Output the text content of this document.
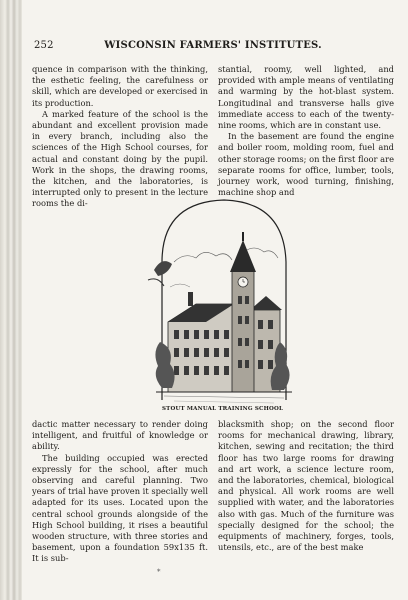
252	WISCONSIN FARMERS' INSTITUTES.

quence in comparison with the thinking, the esthetic feeling, the carefulness or skill, which are developed or exercised in its production.

A marked feature of the school is the abundant and excellent provision made in every branch, including also the sciences of the High School courses, for actual and constant doing by the pupil. Work in the shops, the drawing rooms, the kitchen, and the laboratories, is interrupted only to present in the lecture rooms the di-

stantial, roomy, well lighted, and provided with ample means of ventilating and warming by the hot-blast system. Longitudinal and transverse halls give immediate access to each of the twenty-nine rooms, which are in constant use.

In the basement are found the engine and boiler room, molding room, fuel and other storage rooms; on the first floor are separate rooms for office, lumber, tools, journey work, wood turning, finishing, machine shop and

STOUT MANUAL TRAINING SCHOOL

dactic matter necessary to render doing intelligent, and fruitful of knowledge or ability.

The building occupied was erected expressly for the school, after much observing and careful planning. Two years of trial have proven it specially well adapted for its uses. Located upon the central school grounds alongside of the High School building, it rises a beautiful wooden structure, with three stories and basement, upon a foundation 59x135 ft. It is sub-

blacksmith shop; on the second floor rooms for mechanical drawing, library, kitchen, sewing and recitation; the third floor has two large rooms for drawing and art work, a science lecture room, and the laboratories, chemical, biological and physical. All work rooms are well supplied with water, and the laboratories also with gas. Much of the furniture was specially designed for the school; the equipments of machinery, forges, tools, utensils, etc., are of the best make

*
